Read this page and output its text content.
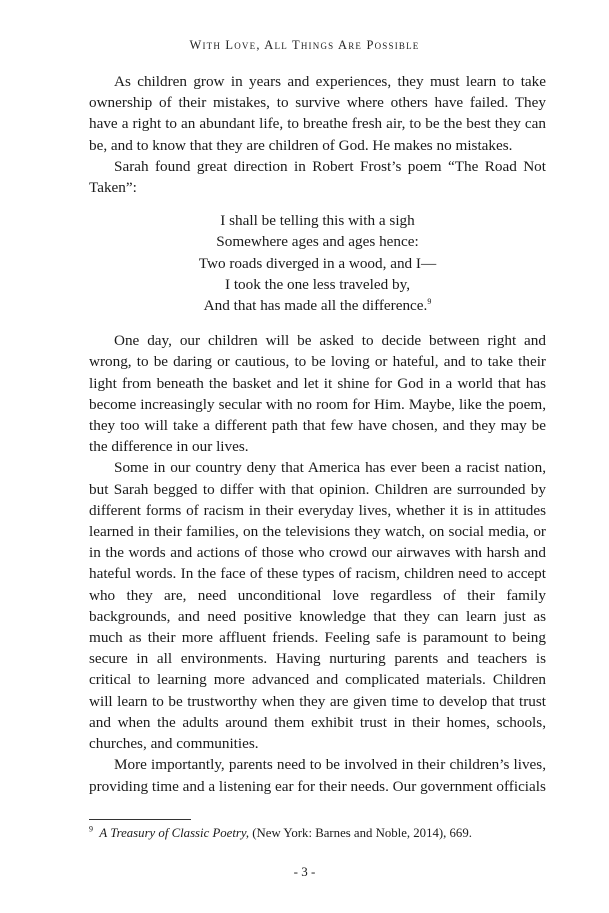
With Love, All Things Are Possible

As children grow in years and experiences, they must learn to take ownership of their mistakes, to survive where others have failed. They have a right to an abundant life, to breathe fresh air, to be the best they can be, and to know that they are children of God. He makes no mistakes.

Sarah found great direction in Robert Frost’s poem “The Road Not Taken”:

I shall be telling this with a sigh
Somewhere ages and ages hence:
Two roads diverged in a wood, and I—
I took the one less traveled by,
And that has made all the difference.$^9$

One day, our children will be asked to decide between right and wrong, to be daring or cautious, to be loving or hateful, and to take their light from beneath the basket and let it shine for God in a world that has become increasingly secular with no room for Him. Maybe, like the poem, they too will take a different path that few have chosen, and they may be the difference in our lives.

Some in our country deny that America has ever been a racist nation, but Sarah begged to differ with that opinion. Children are surrounded by different forms of racism in their everyday lives, whether it is in attitudes learned in their families, on the televisions they watch, on social media, or in the words and actions of those who crowd our airwaves with harsh and hateful words. In the face of these types of racism, children need to accept who they are, need unconditional love regardless of their family backgrounds, and need positive knowledge that they can learn just as much as their more affluent friends. Feeling safe is paramount to being secure in all environments. Having nurturing parents and teachers is critical to learning more advanced and complicated materials. Children will learn to be trustworthy when they are given time to develop that trust and when the adults around them exhibit trust in their homes, schools, churches, and communities.

More importantly, parents need to be involved in their children’s lives, providing time and a listening ear for their needs. Our government officials

$^9$ A Treasury of Classic Poetry, (New York: Barnes and Noble, 2014), 669.
- 3 -
